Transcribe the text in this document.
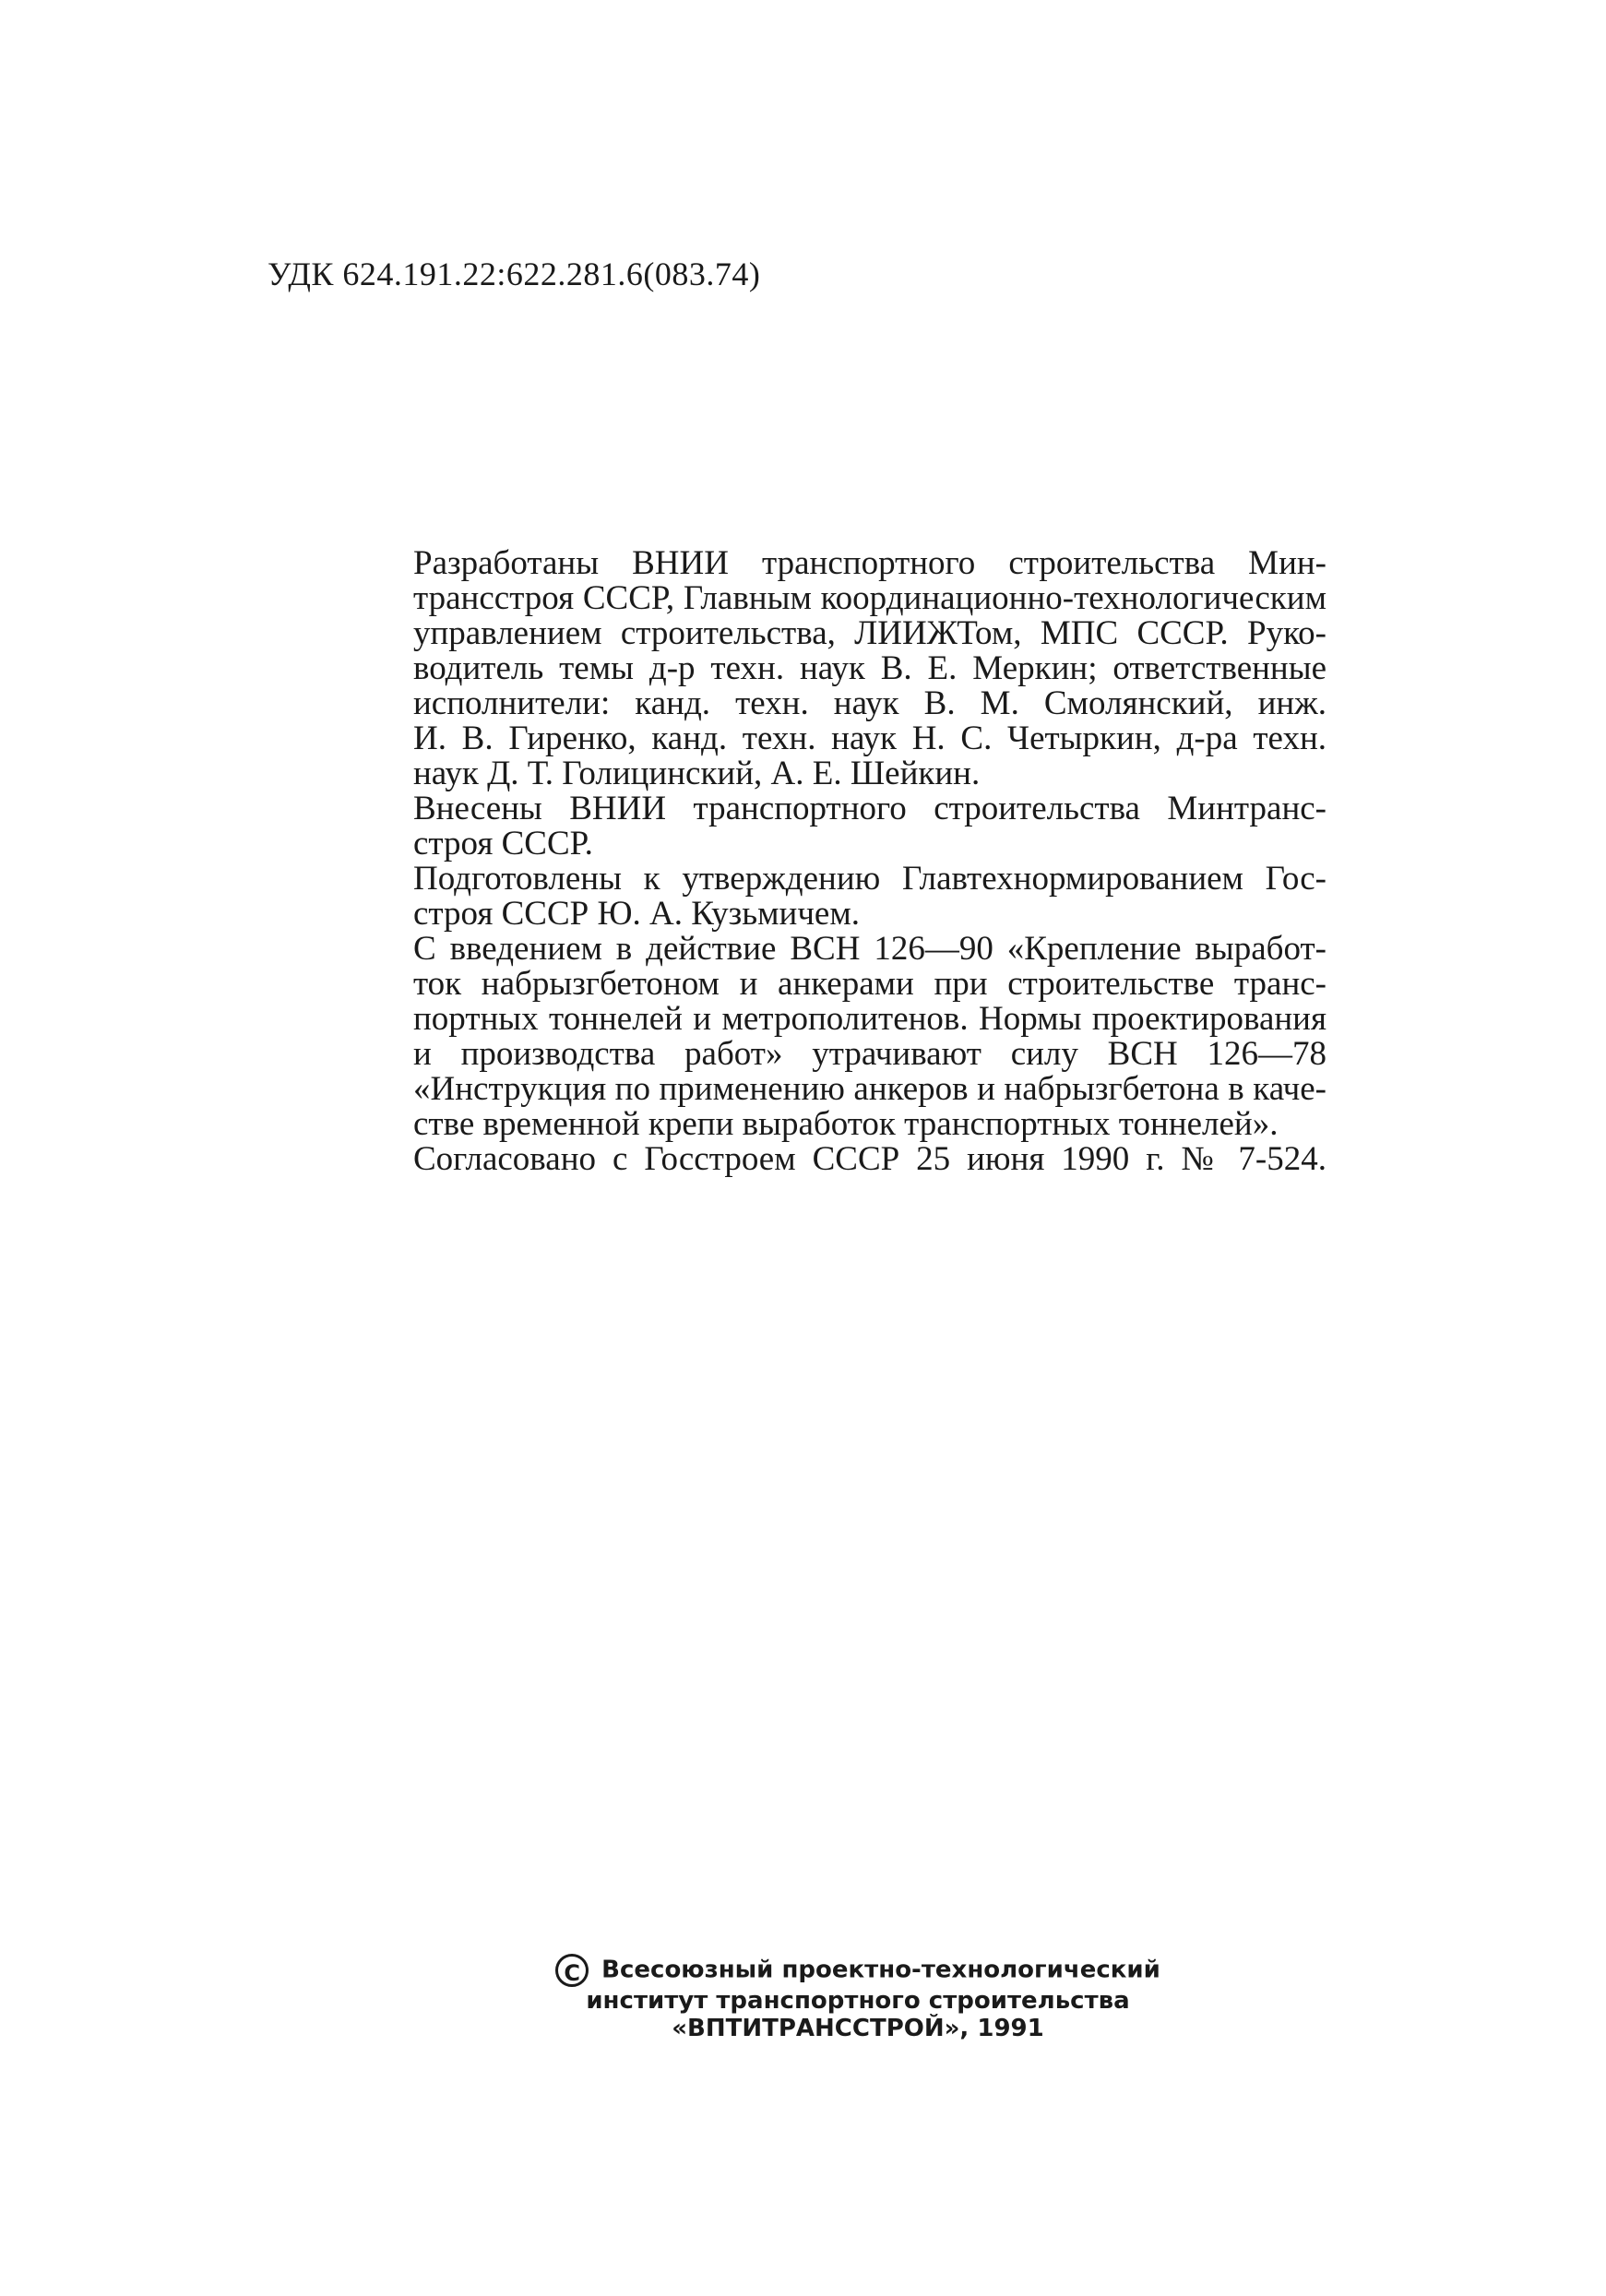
УДК 624.191.22:622.281.6(083.74)

Разработаны ВНИИ транспортного строительства Мин-
трансстроя СССР, Главным координационно-технологическим
управлением строительства, ЛИИЖТом, МПС СССР. Руко-
водитель темы д-р техн. наук В. Е. Меркин; ответственные
исполнители: канд. техн. наук В. М. Смолянский, инж.
И. В. Гиренко, канд. техн. наук Н. С. Четыркин, д-ра техн.
наук Д. Т. Голицинский, А. Е. Шейкин.

Внесены ВНИИ транспортного строительства Минтранс-
строя СССР.

Подготовлены к утверждению Главтехнормированием Гос-
строя СССР Ю. А. Кузьмичем.

С введением в действие ВСН 126—90 «Крепление выработ-
ток набрызгбетоном и анкерами при строительстве транс-
портных тоннелей и метрополитенов. Нормы проектирования
и производства работ» утрачивают силу ВСН 126—78
«Инструкция по применению анкеров и набрызгбетона в каче-
стве временной крепи выработок транспортных тоннелей».

Согласовано с Госстроем СССР 25 июня 1990 г. № 7-524.

CВсесоюзный проектно-технологический
институт транспортного строительства
«ВПТИТРАНССТРОЙ», 1991
